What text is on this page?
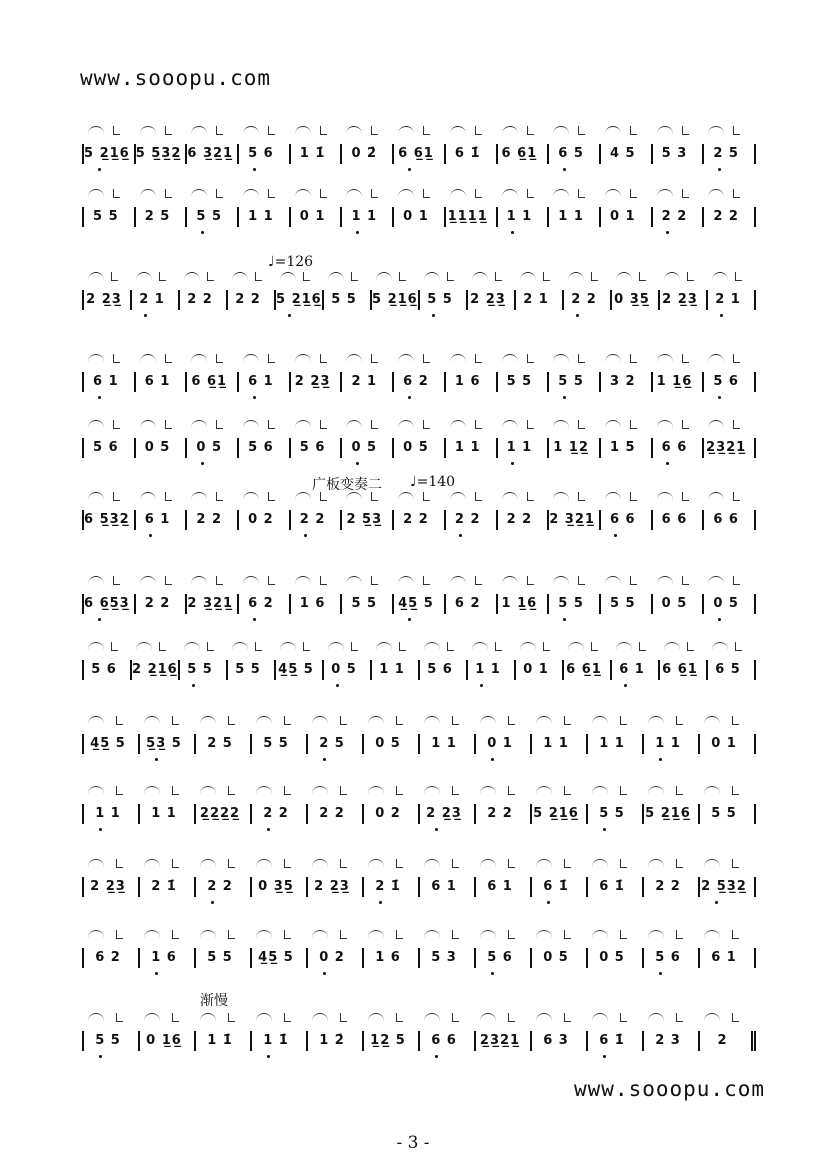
www.sooopu.com
5 2̲1̲6̲ 5 5̲3̲2̲ 6 3̲2̲1̲	5 6	1 1̇	0 2̇	6 6̲1̲	6 1̇	6 6̲1̲	6 5	4 5	5 3	2 5
5 5	2 5	5 5	1 1	0 1	1 1	0 1	1̲1̲1̲1̲	1 1	1 1	0 1	2 2	2 2
2 2̲3̲	2 1	2 2	2 2	5 2̲1̲6̲ 5 5	5 2̲1̲6̲ 5 5	2 2̲3̲	2 1	2 2	0 3̲5̲ 2 2̲3̲	2 1
6 1	6 1	6 6̲1̲	6 1	2 2̲3̲	2 1	6 2	1 6	5 5	5 5	3 2	1 1̲6̲	5 6
5 6	0 5	0 5	5 6	5 6	0 5	0 5	1 1	1 1	1 1̲2̲	1 5	6 6	2̲3̲2̲1̲
6 5̲3̲2̲	6 1	2 2	0 2	2 2	2 5̲3̲	2 2	2 2	2 2	2 3̲2̲1̲	6 6	6 6	6 6
6 6̲5̲3̲	2 2	2 3̲2̲1̲	6 2	1 6	5 5	4̲5̲ 5	6 2	1 1̲6̲	5 5	5 5	0 5	0 5
5 6	2 2̲1̲6̲ 5 5	5 5	4̲5̲ 5	0 5	1 1	5 6	1 1	0 1	6 6̲1̲	6 1	6 6̲1̲	6 5
4̲5̲ 5	5̲3̲ 5	2 5	5 5	2 5	0 5	1 1	0 1	1 1	1 1	1 1	0 1
1 1	1 1	2̲2̲2̲2̲	2 2	2 2	0 2	2 2̲3̲	2 2	5 2̲1̲6̲	5 5	5 2̲1̲6̲	5 5
2 2̲3̲	2 1̇	2 2	0 3̲5̲	2 2̲3̲	2 1̇	6 1	6 1	6 1̇	6 1̇	2 2	2 5̲3̲2̲
6 2	1 6	5 5	4̲5̲ 5	0 2	1 6	5 3	5 6	0 5	0 5	5 6	6 1
5 5	0 1̲6̲	1 1̇	1 1̇	1 2̇	1̲2̲ 5	6 6	2̲3̲2̲1̲	6 3	6 1̇	2 3	2
♩=126
广板变奏二 ♩=140
渐慢
www.sooopu.com
- 3 -
